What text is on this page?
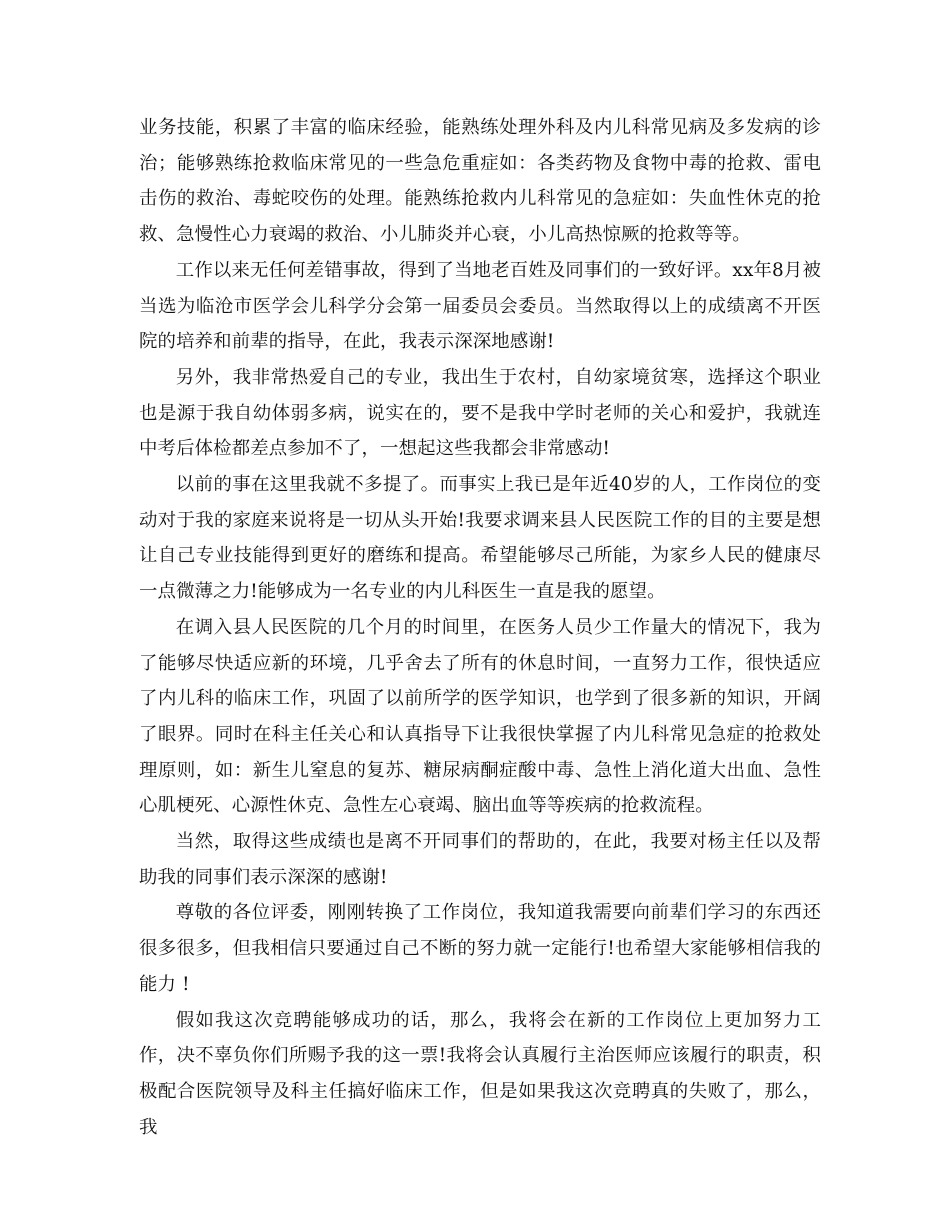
业务技能，积累了丰富的临床经验，能熟练处理外科及内儿科常见病及多发病的诊治；能够熟练抢救临床常见的一些急危重症如：各类药物及食物中毒的抢救、雷电击伤的救治、毒蛇咬伤的处理。能熟练抢救内儿科常见的急症如：失血性休克的抢救、急慢性心力衰竭的救治、小儿肺炎并心衰，小儿高热惊厥的抢救等等。

工作以来无任何差错事故，得到了当地老百姓及同事们的一致好评。xx年8月被当选为临沧市医学会儿科学分会第一届委员会委员。当然取得以上的成绩离不开医院的培养和前辈的指导，在此，我表示深深地感谢!

另外，我非常热爱自己的专业，我出生于农村，自幼家境贫寒，选择这个职业也是源于我自幼体弱多病，说实在的，要不是我中学时老师的关心和爱护，我就连中考后体检都差点参加不了，一想起这些我都会非常感动!

以前的事在这里我就不多提了。而事实上我已是年近40岁的人，工作岗位的变动对于我的家庭来说将是一切从头开始!我要求调来县人民医院工作的目的主要是想让自己专业技能得到更好的磨练和提高。希望能够尽己所能，为家乡人民的健康尽一点微薄之力!能够成为一名专业的内儿科医生一直是我的愿望。

在调入县人民医院的几个月的时间里，在医务人员少工作量大的情况下，我为了能够尽快适应新的环境，几乎舍去了所有的休息时间，一直努力工作，很快适应了内儿科的临床工作，巩固了以前所学的医学知识，也学到了很多新的知识，开阔了眼界。同时在科主任关心和认真指导下让我很快掌握了内儿科常见急症的抢救处理原则，如：新生儿窒息的复苏、糖尿病酮症酸中毒、急性上消化道大出血、急性心肌梗死、心源性休克、急性左心衰竭、脑出血等等疾病的抢救流程。

当然，取得这些成绩也是离不开同事们的帮助的，在此，我要对杨主任以及帮助我的同事们表示深深的感谢!

尊敬的各位评委，刚刚转换了工作岗位，我知道我需要向前辈们学习的东西还很多很多，但我相信只要通过自己不断的努力就一定能行!也希望大家能够相信我的能力 !

假如我这次竞聘能够成功的话，那么，我将会在新的工作岗位上更加努力工作，决不辜负你们所赐予我的这一票!我将会认真履行主治医师应该履行的职责，积极配合医院领导及科主任搞好临床工作，但是如果我这次竞聘真的失败了，那么，我
